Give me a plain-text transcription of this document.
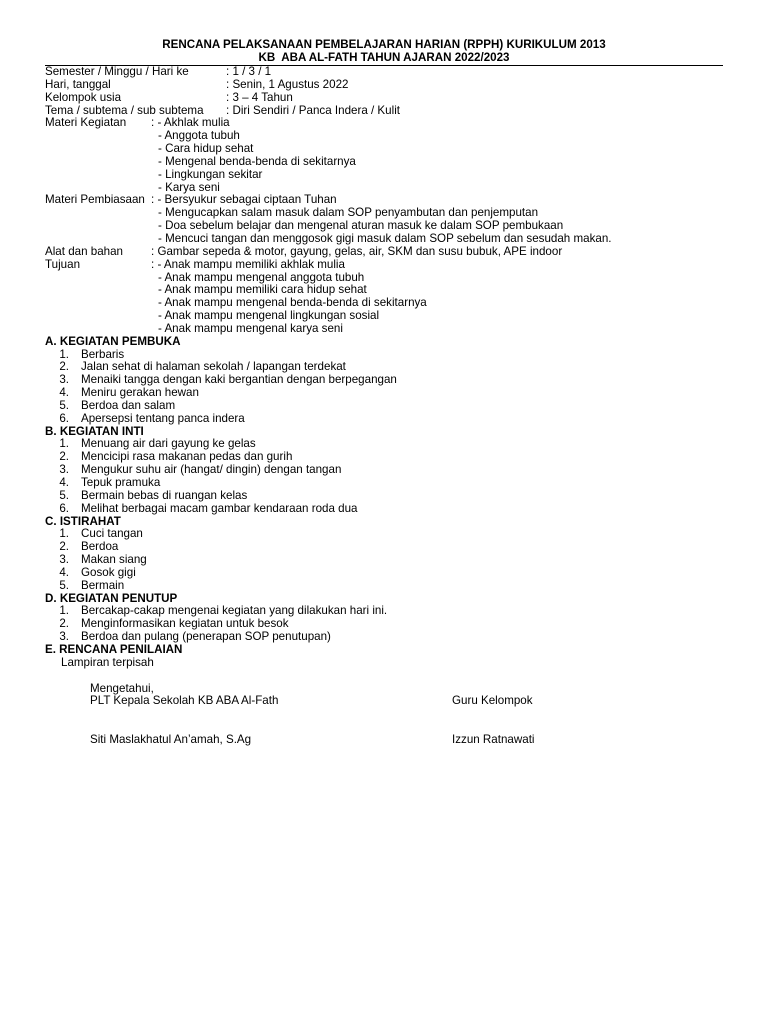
RENCANA PELAKSANAAN PEMBELAJARAN HARIAN (RPPH) KURIKULUM 2013
KB  ABA AL-FATH TAHUN AJARAN 2022/2023
Semester / Minggu / Hari ke	: 1 / 3 / 1
Hari, tanggal	: Senin, 1 Agustus 2022
Kelompok usia	: 3 – 4 Tahun
Tema / subtema / sub subtema : Diri Sendiri / Panca Indera / Kulit
Materi Kegiatan : - Akhlak mulia
- Anggota tubuh
- Cara hidup sehat
- Mengenal benda-benda di sekitarnya
- Lingkungan sekitar
- Karya seni
Materi Pembiasaan : - Bersyukur sebagai ciptaan Tuhan
- Mengucapkan salam masuk dalam SOP penyambutan dan penjemputan
- Doa sebelum belajar dan mengenal aturan masuk ke dalam SOP pembukaan
- Mencuci tangan dan menggosok gigi masuk dalam SOP sebelum dan sesudah makan.
Alat dan bahan : Gambar sepeda & motor, gayung, gelas, air, SKM dan susu bubuk, APE indoor
Tujuan	: - Anak mampu memiliki akhlak mulia
- Anak mampu mengenal anggota tubuh
- Anak mampu memiliki cara hidup sehat
- Anak mampu mengenal benda-benda di sekitarnya
- Anak mampu mengenal lingkungan sosial
- Anak mampu mengenal karya seni
A. KEGIATAN PEMBUKA
1. Berbaris
2. Jalan sehat di halaman sekolah / lapangan terdekat
3. Menaiki tangga dengan kaki bergantian dengan berpegangan
4. Meniru gerakan hewan
5. Berdoa dan salam
6. Apersepsi tentang panca indera
B. KEGIATAN INTI
1. Menuang air dari gayung ke gelas
2. Mencicipi rasa makanan pedas dan gurih
3. Mengukur suhu air (hangat/ dingin) dengan tangan
4. Tepuk pramuka
5. Bermain bebas di ruangan kelas
6. Melihat berbagai macam gambar kendaraan roda dua
C. ISTIRAHAT
1. Cuci tangan
2. Berdoa
3. Makan siang
4. Gosok gigi
5. Bermain
D. KEGIATAN PENUTUP
1. Bercakap-cakap mengenai kegiatan yang dilakukan hari ini.
2. Menginformasikan kegiatan untuk besok
3. Berdoa dan pulang (penerapan SOP penutupan)
E. RENCANA PENILAIAN
Lampiran terpisah
Mengetahui,
PLT Kepala Sekolah KB ABA Al-Fath	Guru Kelompok
Siti Maslakhatul An’amah, S.Ag	Izzun Ratnawati
